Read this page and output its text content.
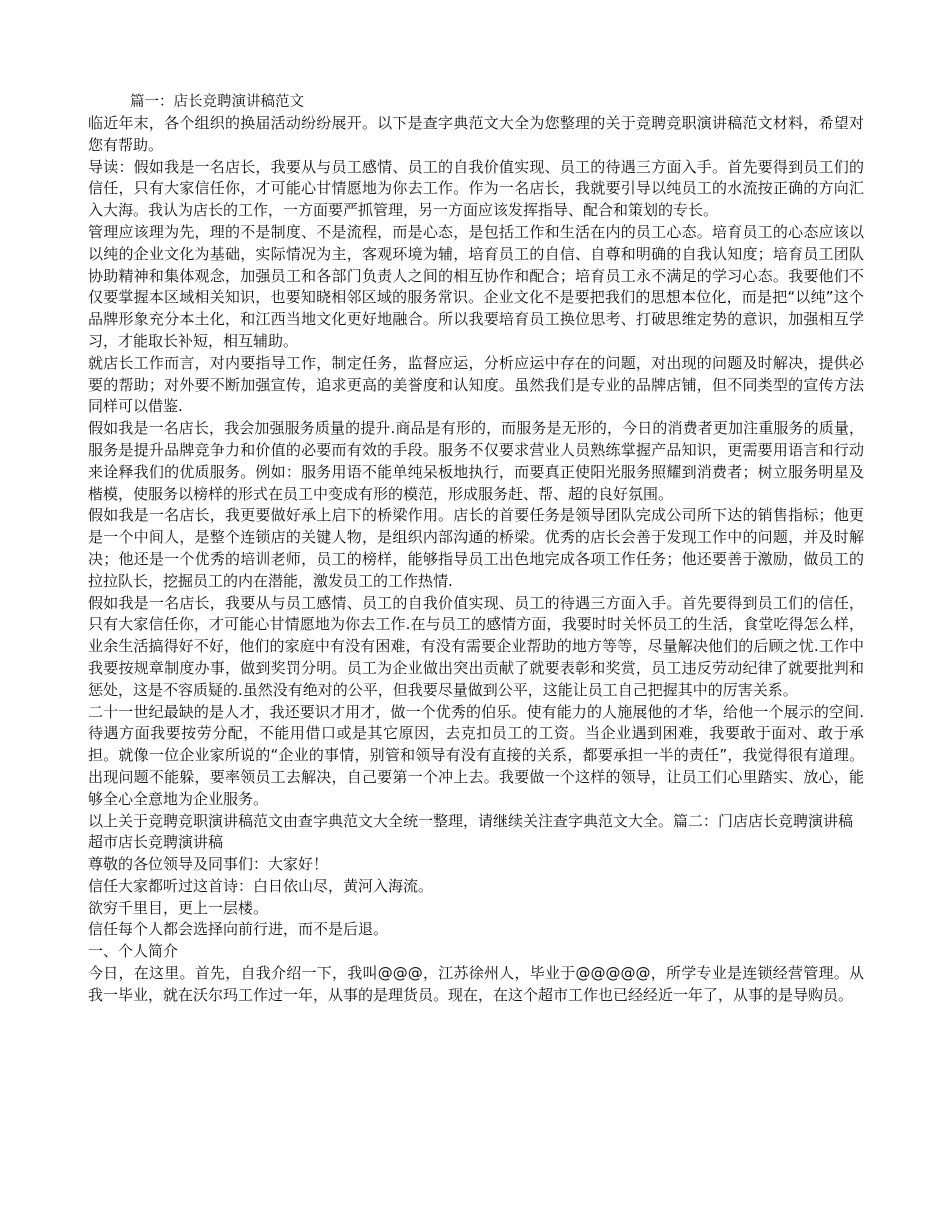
篇一：店长竞聘演讲稿范文

临近年末，各个组织的换届活动纷纷展开。以下是查字典范文大全为您整理的关于竞聘竞职演讲稿范文材料，希望对您有帮助。

导读：假如我是一名店长，我要从与员工感情、员工的自我价值实现、员工的待遇三方面入手。首先要得到员工们的信任，只有大家信任你，才可能心甘情愿地为你去工作。作为一名店长，我就要引导以纯员工的水流按正确的方向汇入大海。我认为店长的工作，一方面要严抓管理，另一方面应该发挥指导、配合和策划的专长。

管理应该理为先，理的不是制度、不是流程，而是心态，是包括工作和生活在内的员工心态。培育员工的心态应该以以纯的企业文化为基础，实际情况为主，客观环境为辅，培育员工的自信、自尊和明确的自我认知度；培育员工团队协助精神和集体观念，加强员工和各部门负责人之间的相互协作和配合；培育员工永不满足的学习心态。我要他们不仅要掌握本区域相关知识，也要知晓相邻区域的服务常识。企业文化不是要把我们的思想本位化，而是把“以纯”这个品牌形象充分本土化，和江西当地文化更好地融合。所以我要培育员工换位思考、打破思维定势的意识，加强相互学习，才能取长补短，相互辅助。

就店长工作而言，对内要指导工作，制定任务，监督应运，分析应运中存在的问题，对出现的问题及时解决，提供必要的帮助；对外要不断加强宣传，追求更高的美誉度和认知度。虽然我们是专业的品牌店铺，但不同类型的宣传方法同样可以借鉴.

假如我是一名店长，我会加强服务质量的提升.商品是有形的，而服务是无形的，今日的消费者更加注重服务的质量，服务是提升品牌竞争力和价值的必要而有效的手段。服务不仅要求营业人员熟练掌握产品知识，更需要用语言和行动来诠释我们的优质服务。例如：服务用语不能单纯呆板地执行，而要真正使阳光服务照耀到消费者；树立服务明星及楷模，使服务以榜样的形式在员工中变成有形的模范，形成服务赶、帮、超的良好氛围。

假如我是一名店长，我更要做好承上启下的桥梁作用。店长的首要任务是领导团队完成公司所下达的销售指标；他更是一个中间人，是整个连锁店的关键人物，是组织内部沟通的桥梁。优秀的店长会善于发现工作中的问题，并及时解决；他还是一个优秀的培训老师，员工的榜样，能够指导员工出色地完成各项工作任务；他还要善于激励，做员工的拉拉队长，挖掘员工的内在潜能，激发员工的工作热情.

假如我是一名店长，我要从与员工感情、员工的自我价值实现、员工的待遇三方面入手。首先要得到员工们的信任，只有大家信任你，才可能心甘情愿地为你去工作.在与员工的感情方面，我要时时关怀员工的生活，食堂吃得怎么样，业余生活搞得好不好，他们的家庭中有没有困难，有没有需要企业帮助的地方等等，尽量解决他们的后顾之忧.工作中我要按规章制度办事，做到奖罚分明。员工为企业做出突出贡献了就要表彰和奖赏，员工违反劳动纪律了就要批判和惩处，这是不容质疑的.虽然没有绝对的公平，但我要尽量做到公平，这能让员工自己把握其中的厉害关系。

二十一世纪最缺的是人才，我还要识才用才，做一个优秀的伯乐。使有能力的人施展他的才华，给他一个展示的空间.待遇方面我要按劳分配，不能用借口或是其它原因，去克扣员工的工资。当企业遇到困难，我要敢于面对、敢于承担。就像一位企业家所说的“企业的事情，别管和领导有没有直接的关系，都要承担一半的责任”，我觉得很有道理。出现问题不能躲，要率领员工去解决，自己要第一个冲上去。我要做一个这样的领导，让员工们心里踏实、放心，能够全心全意地为企业服务。

以上关于竞聘竞职演讲稿范文由查字典范文大全统一整理，请继续关注查字典范文大全。篇二：门店店长竞聘演讲稿

超市店长竞聘演讲稿

尊敬的各位领导及同事们：大家好！

信任大家都听过这首诗：白日依山尽，黄河入海流。

欲穷千里目，更上一层楼。

信任每个人都会选择向前行进，而不是后退。

一、个人简介

今日，在这里。首先，自我介绍一下，我叫@@@，江苏徐州人，毕业于@@@@@，所学专业是连锁经营管理。从我一毕业，就在沃尔玛工作过一年，从事的是理货员。现在，在这个超市工作也已经经近一年了，从事的是导购员。
